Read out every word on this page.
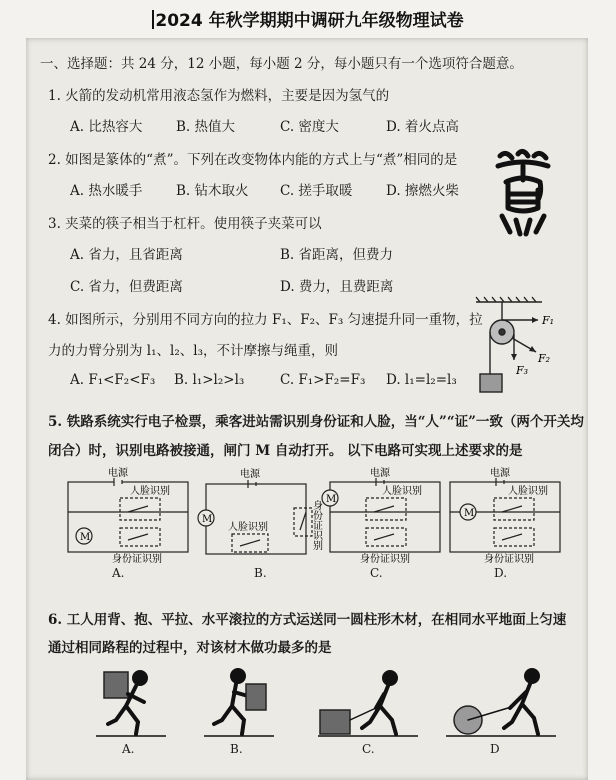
2024 年秋学期期中调研九年级物理试卷
一、选择题：共 24 分，12 小题，每小题 2 分，每小题只有一个选项符合题意。
1. 火箭的发动机常用液态氢作为燃料，主要是因为氢气的
A. 比热容大 B. 热值大	C. 密度大	D. 着火点高
2. 如图是篆体的“煮”。下列在改变物体内能的方式上与“煮”相同的是
A. 热水暖手 B. 钻木取火 C. 搓手取暖 D. 擦燃火柴
3. 夹菜的筷子相当于杠杆。使用筷子夹菜可以
A. 省力，且省距离	B. 省距离，但费力
C. 省力，但费距离	D. 费力，且费距离
4. 如图所示，分别用不同方向的拉力 F₁、F₂、F₃ 匀速提升同一重物，拉
力的力臂分别为 l₁、l₂、l₃，不计摩擦与绳重，则
A. F₁<F₂<F₃ B. l₁>l₂>l₃	C. F₁>F₂=F₃ D. l₁=l₂=l₃
F₁
F₂
F₃
5. 铁路系统实行电子检票，乘客进站需识别身份证和人脸，当“人”“证”一致（两个开关均
闭合）时，识别电路被接通，闸门 M 自动打开。 以下电路可实现上述要求的是
电源
人脸识别
M
身份证识别
A.
电源
M
人脸识别	身份证识别
B.
电源
M
人脸识别
身份证识别
C.
电源
M
人脸识别
身份证识别
D.
6. 工人用背、抱、平拉、水平滚拉的方式运送同一圆柱形木材，在相同水平地面上匀速
通过相同路程的过程中，对该材木做功最多的是
A.	B.	C.	D
